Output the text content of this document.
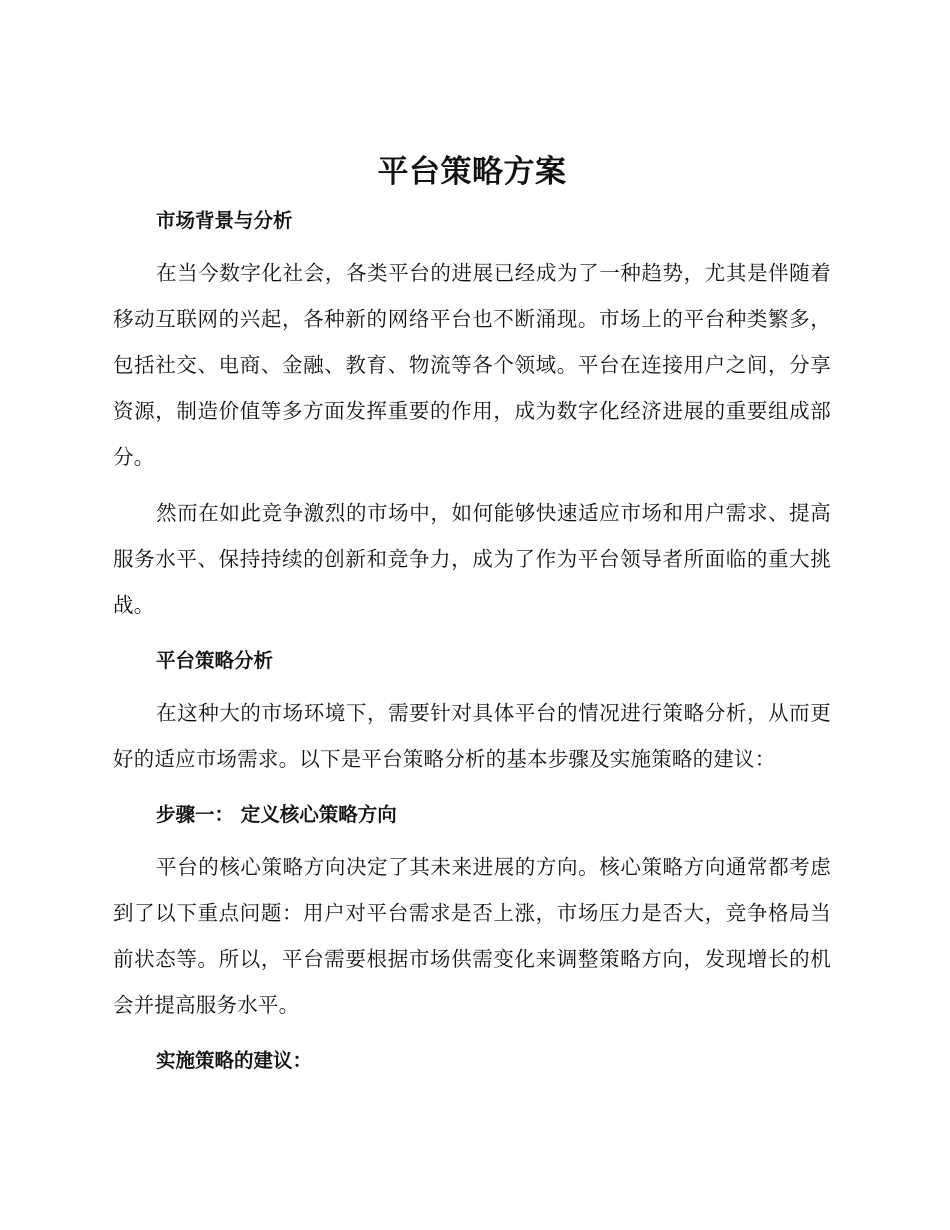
平台策略方案
市场背景与分析

在当今数字化社会，各类平台的进展已经成为了一种趋势，尤其是伴随着移动互联网的兴起，各种新的网络平台也不断涌现。市场上的平台种类繁多，包括社交、电商、金融、教育、物流等各个领域。平台在连接用户之间，分享资源，制造价值等多方面发挥重要的作用，成为数字化经济进展的重要组成部分。

然而在如此竞争激烈的市场中，如何能够快速适应市场和用户需求、提高服务水平、保持持续的创新和竞争力，成为了作为平台领导者所面临的重大挑战。

平台策略分析

在这种大的市场环境下，需要针对具体平台的情况进行策略分析，从而更好的适应市场需求。以下是平台策略分析的基本步骤及实施策略的建议：

步骤一： 定义核心策略方向

平台的核心策略方向决定了其未来进展的方向。核心策略方向通常都考虑到了以下重点问题：用户对平台需求是否上涨，市场压力是否大，竞争格局当前状态等。所以，平台需要根据市场供需变化来调整策略方向，发现增长的机会并提高服务水平。

实施策略的建议：
